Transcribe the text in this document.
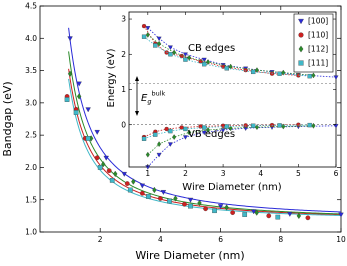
2	4	6	8	10
1.0
1.5
2.0
2.5
3.0
3.5
4.0
4.5
Wire Diameter (nm)
Bandgap (eV)
1	2	3	4	5	6
0
1
2
3
CB edges
VB edges
$E_g^{bulk}$
Wire Diameter (nm)
Energy (eV)
[100]
[110]
[112]
[111]
